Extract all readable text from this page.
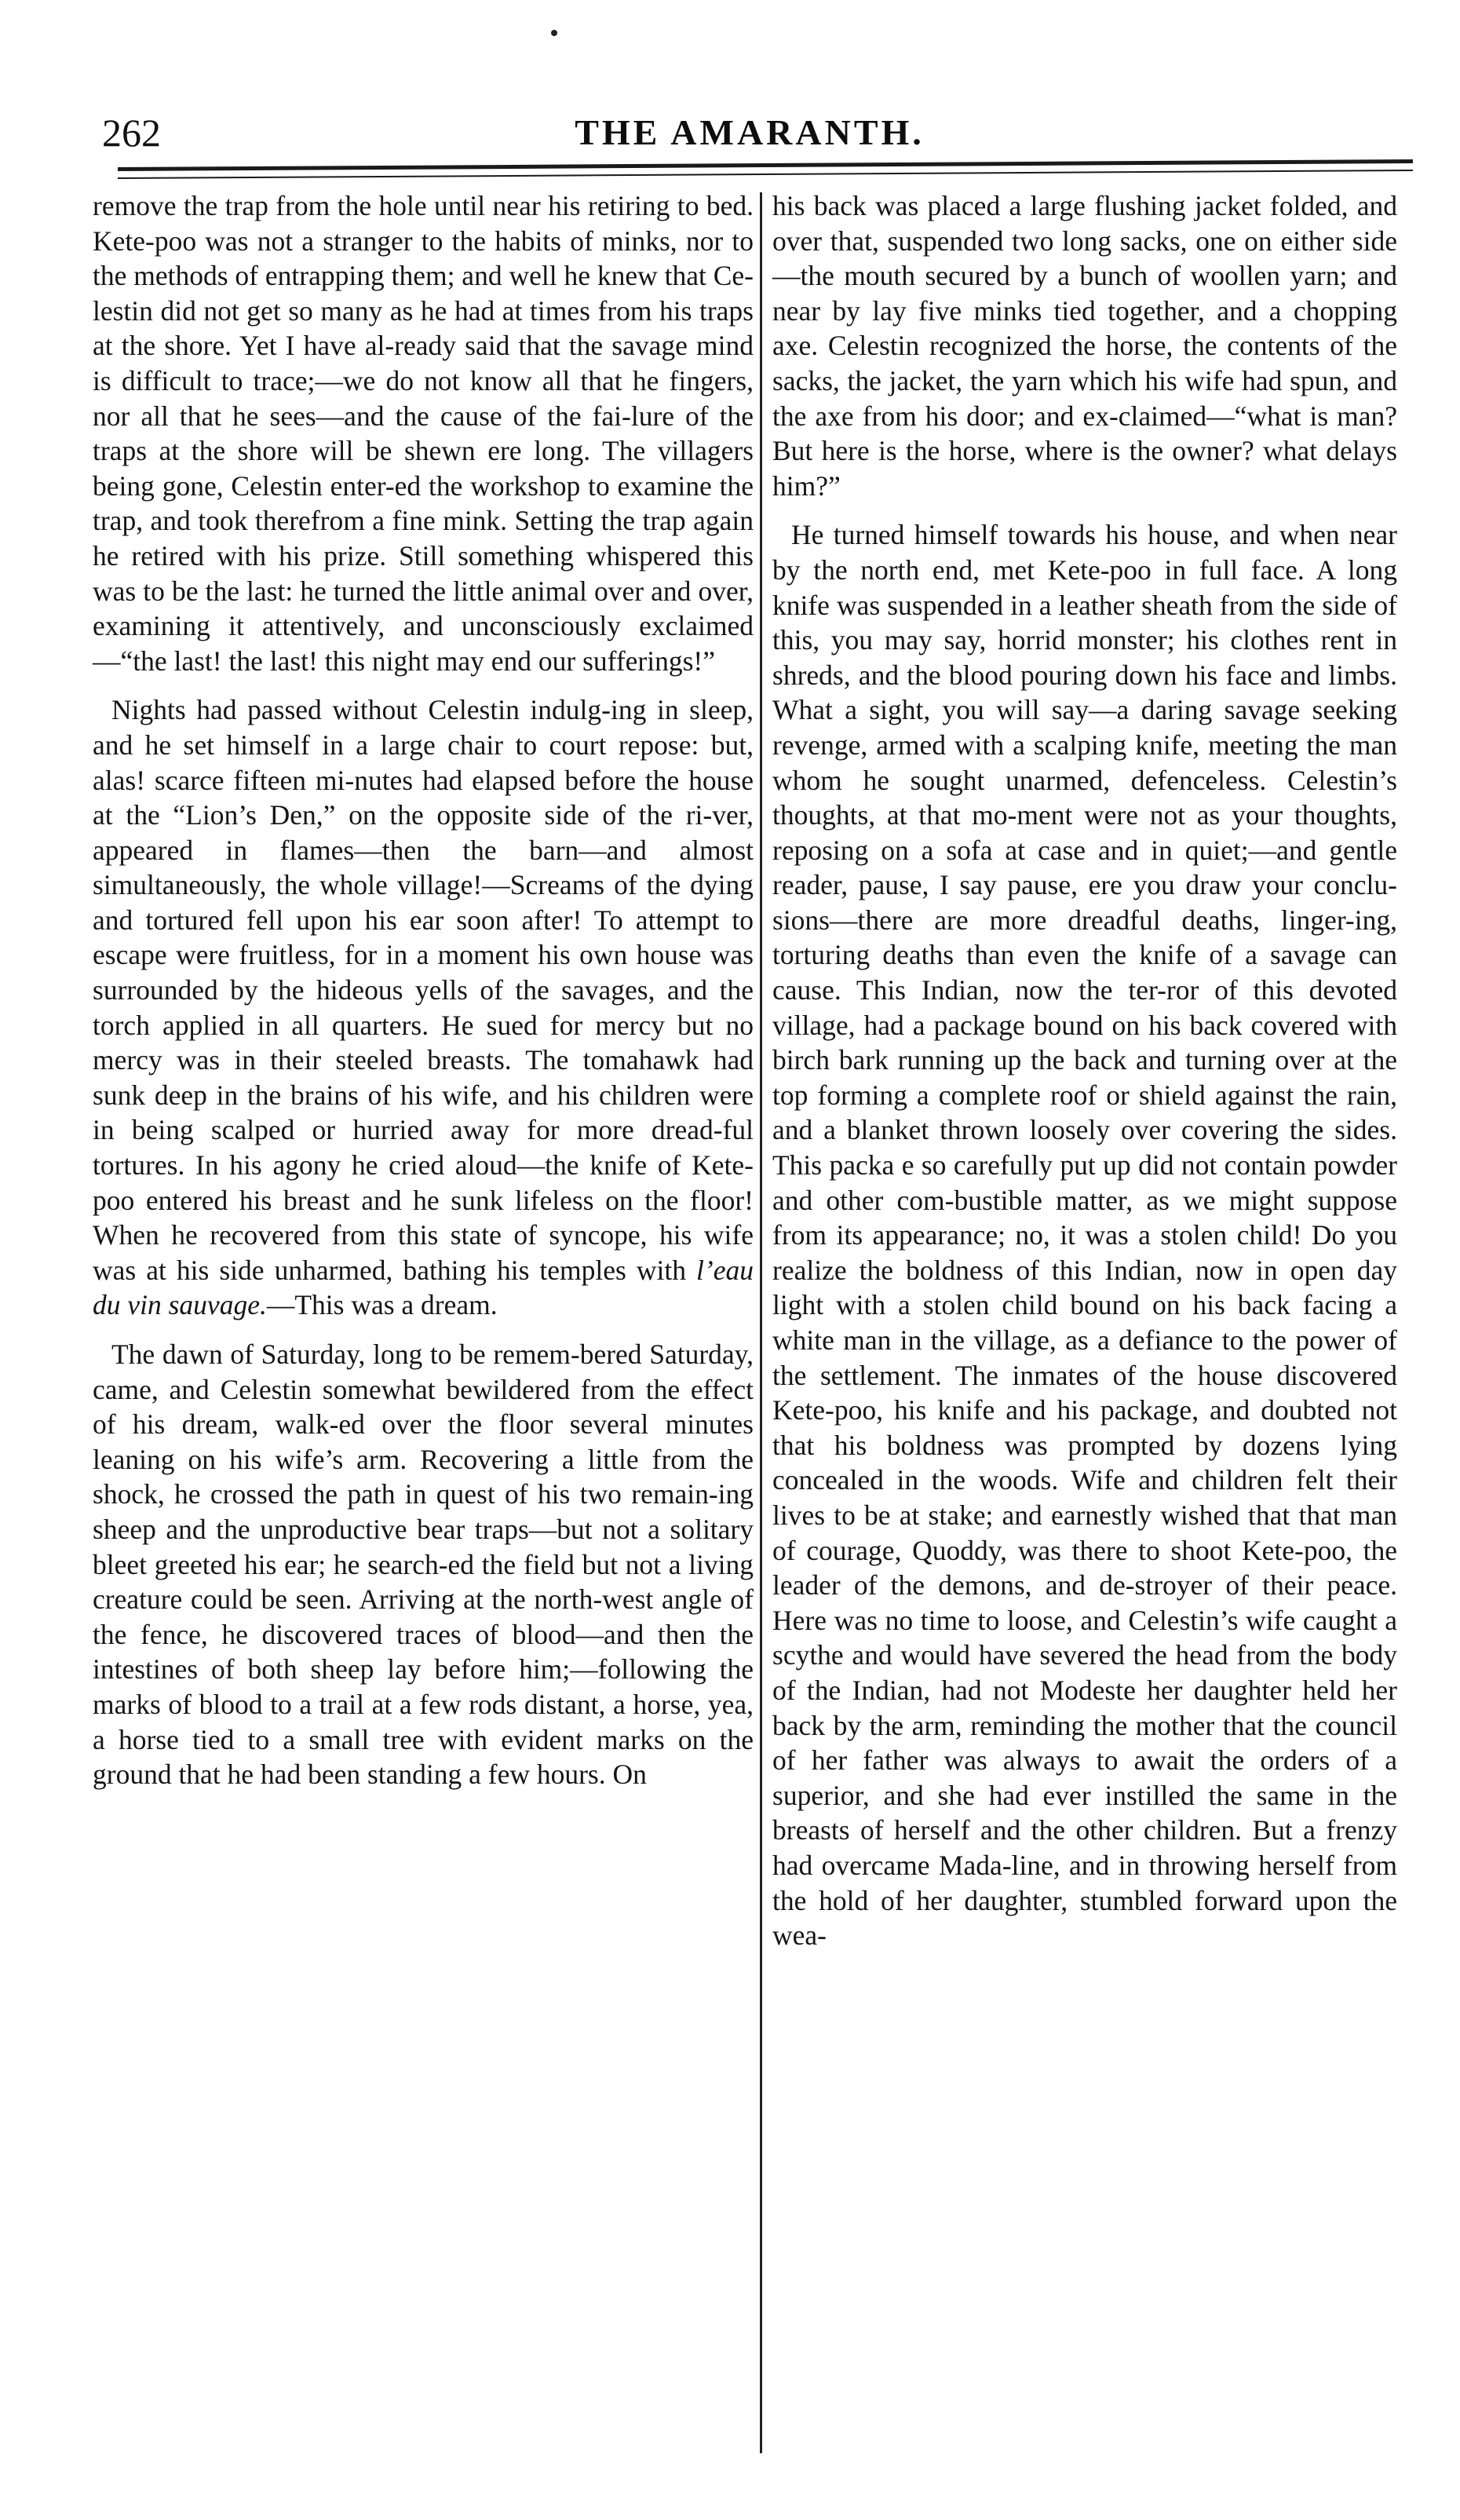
262	THE AMARANTH.

remove the trap from the hole until near his retiring to bed. Kete-poo was not a stranger to the habits of minks, nor to the methods of entrapping them; and well he knew that Ce-lestin did not get so many as he had at times from his traps at the shore. Yet I have al-ready said that the savage mind is difficult to trace;—we do not know all that he fingers, nor all that he sees—and the cause of the fai-lure of the traps at the shore will be shewn ere long. The villagers being gone, Celestin enter-ed the workshop to examine the trap, and took therefrom a fine mink. Setting the trap again he retired with his prize. Still something whispered this was to be the last: he turned the little animal over and over, examining it attentively, and unconsciously exclaimed—“the last! the last! this night may end our sufferings!”

Nights had passed without Celestin indulg-ing in sleep, and he set himself in a large chair to court repose: but, alas! scarce fifteen mi-nutes had elapsed before the house at the “Lion’s Den,” on the opposite side of the ri-ver, appeared in flames—then the barn—and almost simultaneously, the whole village!—Screams of the dying and tortured fell upon his ear soon after! To attempt to escape were fruitless, for in a moment his own house was surrounded by the hideous yells of the savages, and the torch applied in all quarters. He sued for mercy but no mercy was in their steeled breasts. The tomahawk had sunk deep in the brains of his wife, and his children were in being scalped or hurried away for more dread-ful tortures. In his agony he cried aloud—the knife of Kete-poo entered his breast and he sunk lifeless on the floor! When he recovered from this state of syncope, his wife was at his side unharmed, bathing his temples with l’eau du vin sauvage.—This was a dream.

The dawn of Saturday, long to be remem-bered Saturday, came, and Celestin somewhat bewildered from the effect of his dream, walk-ed over the floor several minutes leaning on his wife’s arm. Recovering a little from the shock, he crossed the path in quest of his two remain-ing sheep and the unproductive bear traps—but not a solitary bleet greeted his ear; he search-ed the field but not a living creature could be seen. Arriving at the north-west angle of the fence, he discovered traces of blood—and then the intestines of both sheep lay before him;—following the marks of blood to a trail at a few rods distant, a horse, yea, a horse tied to a small tree with evident marks on the ground that he had been standing a few hours. On

his back was placed a large flushing jacket folded, and over that, suspended two long sacks, one on either side—the mouth secured by a bunch of woollen yarn; and near by lay five minks tied together, and a chopping axe. Celestin recognized the horse, the contents of the sacks, the jacket, the yarn which his wife had spun, and the axe from his door; and ex-claimed—“what is man? But here is the horse, where is the owner? what delays him?”

He turned himself towards his house, and when near by the north end, met Kete-poo in full face. A long knife was suspended in a leather sheath from the side of this, you may say, horrid monster; his clothes rent in shreds, and the blood pouring down his face and limbs. What a sight, you will say—a daring savage seeking revenge, armed with a scalping knife, meeting the man whom he sought unarmed, defenceless. Celestin’s thoughts, at that mo-ment were not as your thoughts, reposing on a sofa at case and in quiet;—and gentle reader, pause, I say pause, ere you draw your conclu-sions—there are more dreadful deaths, linger-ing, torturing deaths than even the knife of a savage can cause. This Indian, now the ter-ror of this devoted village, had a package bound on his back covered with birch bark running up the back and turning over at the top forming a complete roof or shield against the rain, and a blanket thrown loosely over covering the sides. This packa e so carefully put up did not contain powder and other com-bustible matter, as we might suppose from its appearance; no, it was a stolen child! Do you realize the boldness of this Indian, now in open day light with a stolen child bound on his back facing a white man in the village, as a defiance to the power of the settlement. The inmates of the house discovered Kete-poo, his knife and his package, and doubted not that his boldness was prompted by dozens lying concealed in the woods. Wife and children felt their lives to be at stake; and earnestly wished that that man of courage, Quoddy, was there to shoot Kete-poo, the leader of the demons, and de-stroyer of their peace. Here was no time to loose, and Celestin’s wife caught a scythe and would have severed the head from the body of the Indian, had not Modeste her daughter held her back by the arm, reminding the mother that the council of her father was always to await the orders of a superior, and she had ever instilled the same in the breasts of herself and the other children. But a frenzy had overcame Mada-line, and in throwing herself from the hold of her daughter, stumbled forward upon the wea-
